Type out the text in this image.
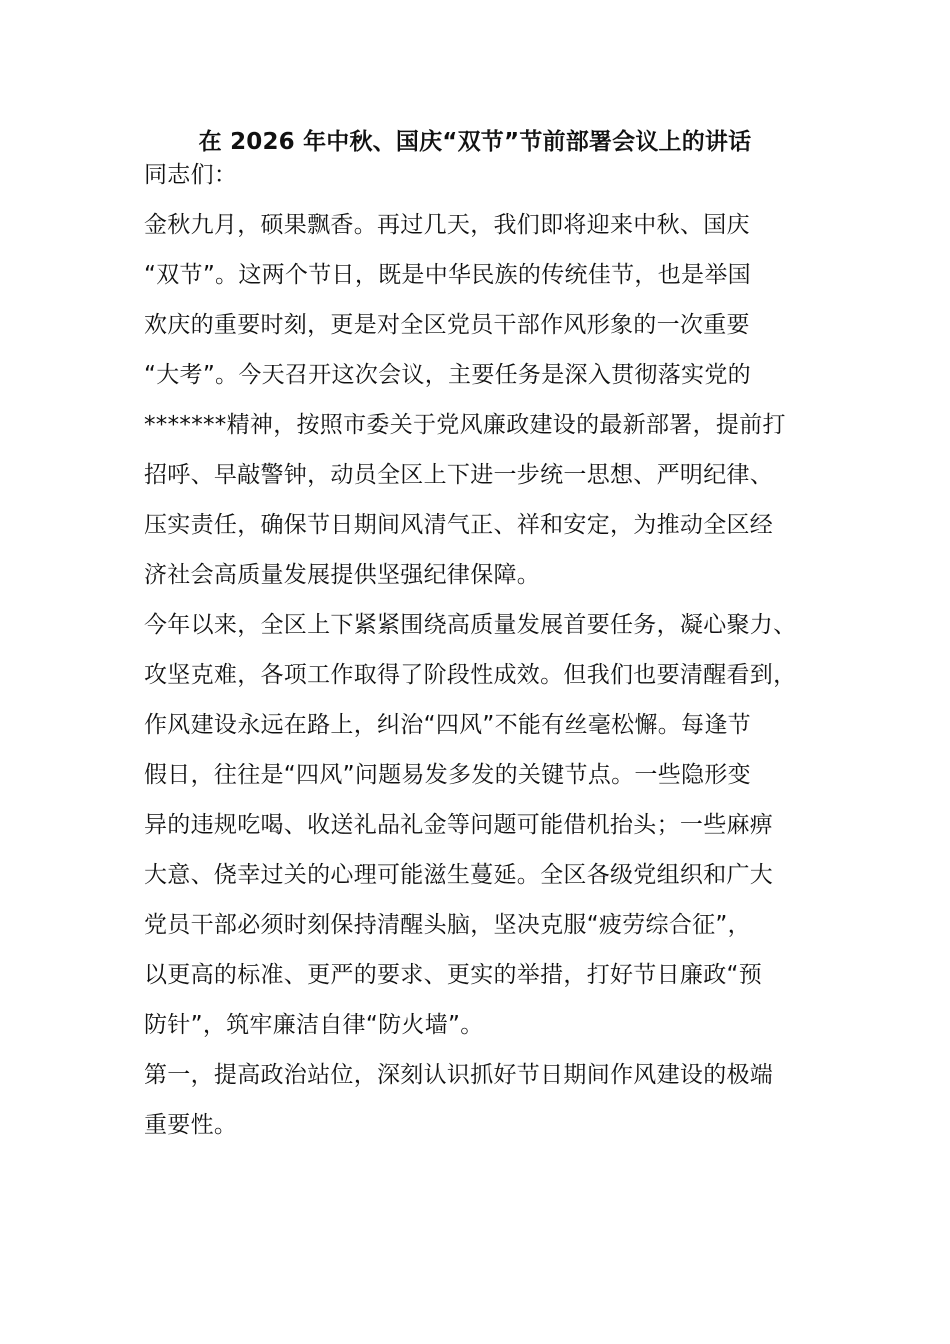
在 2026 年中秋、国庆“双节”节前部署会议上的讲话
同志们：
金秋九月，硕果飘香。再过几天，我们即将迎来中秋、国庆
“双节”。这两个节日，既是中华民族的传统佳节，也是举国
欢庆的重要时刻，更是对全区党员干部作风形象的一次重要
“大考”。今天召开这次会议，主要任务是深入贯彻落实党的
*******精神，按照市委关于党风廉政建设的最新部署，提前打
招呼、早敲警钟，动员全区上下进一步统一思想、严明纪律、
压实责任，确保节日期间风清气正、祥和安定，为推动全区经
济社会高质量发展提供坚强纪律保障。
今年以来，全区上下紧紧围绕高质量发展首要任务，凝心聚力、
攻坚克难，各项工作取得了阶段性成效。但我们也要清醒看到，
作风建设永远在路上，纠治“四风”不能有丝毫松懈。每逢节
假日，往往是“四风”问题易发多发的关键节点。一些隐形变
异的违规吃喝、收送礼品礼金等问题可能借机抬头；一些麻痹
大意、侥幸过关的心理可能滋生蔓延。全区各级党组织和广大
党员干部必须时刻保持清醒头脑，坚决克服“疲劳综合征”，
以更高的标准、更严的要求、更实的举措，打好节日廉政“预
防针”，筑牢廉洁自律“防火墙”。
第一，提高政治站位，深刻认识抓好节日期间作风建设的极端
重要性。
